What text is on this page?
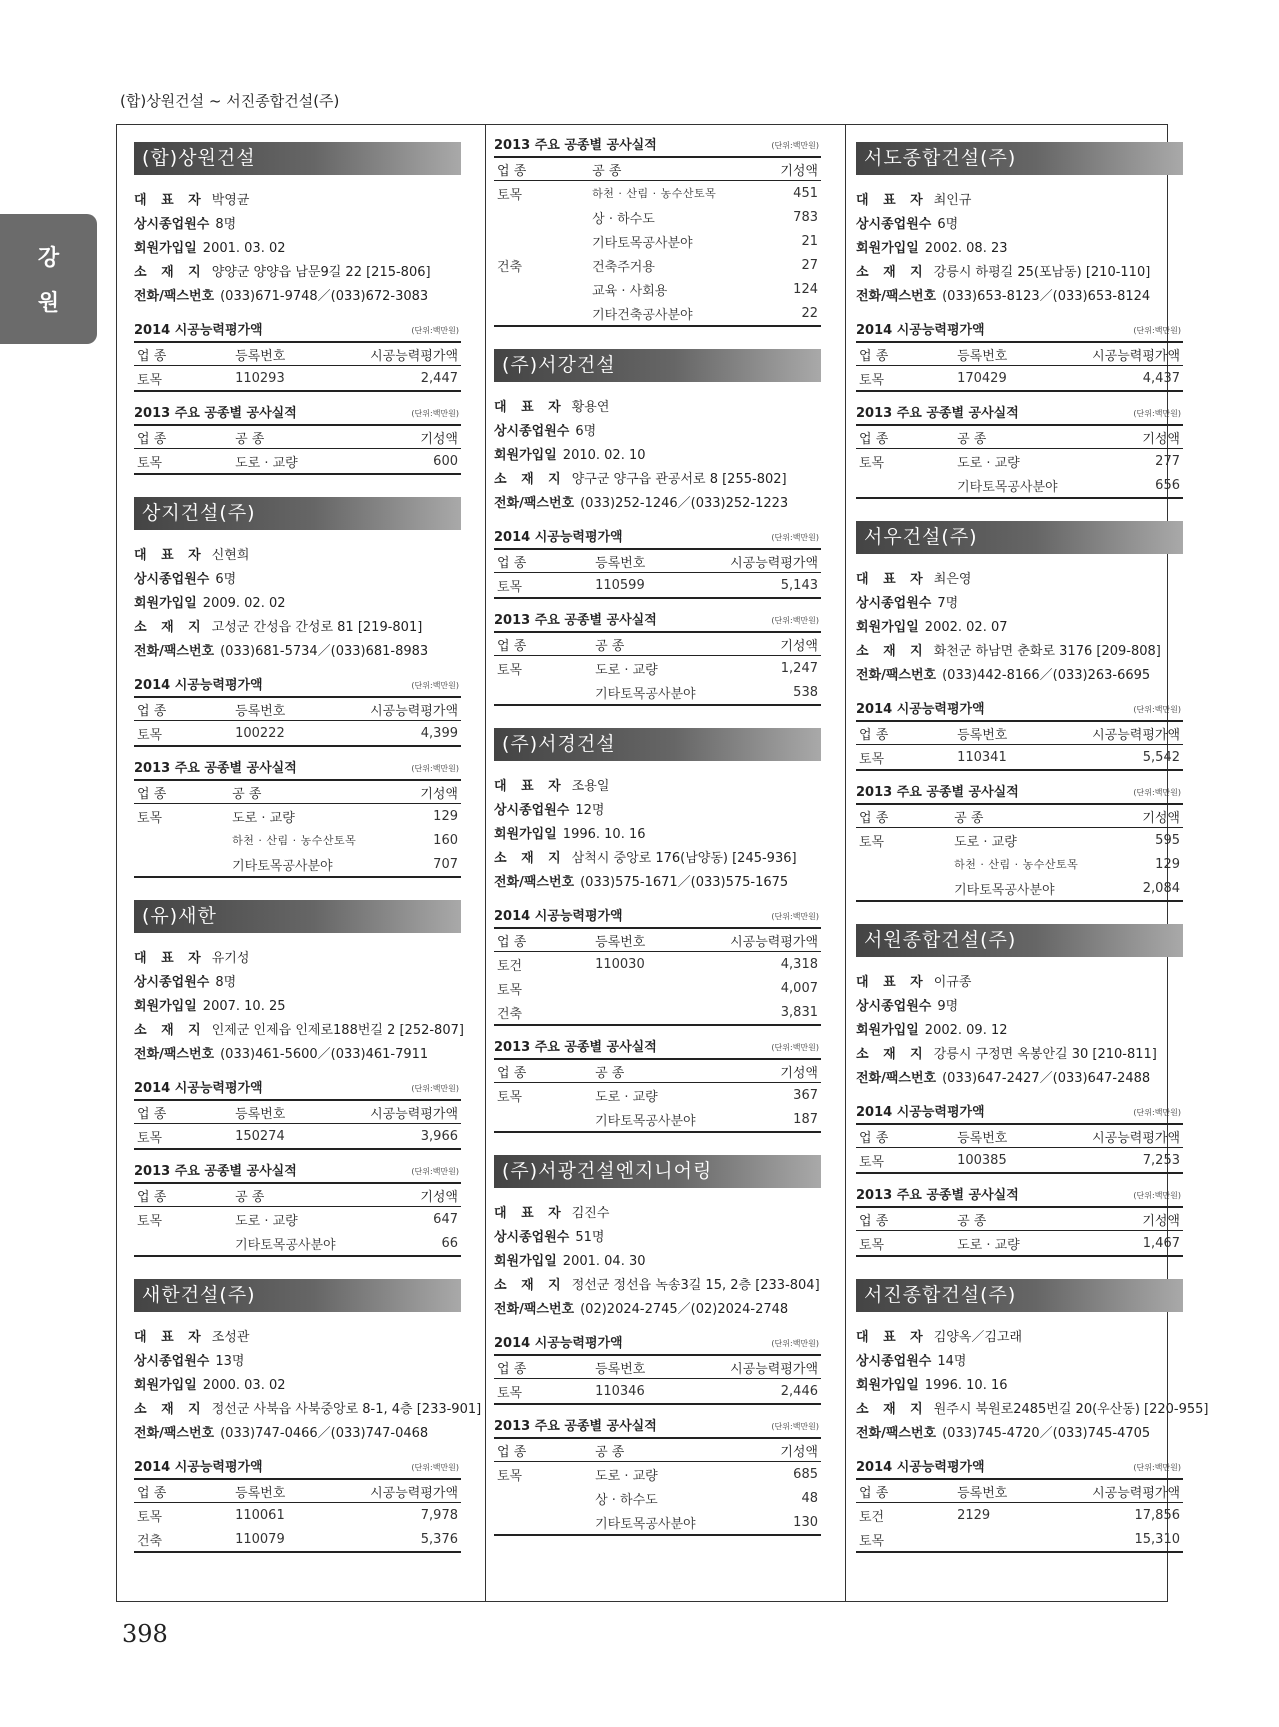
(합)상원건설 ~ 서진종합건설(주)
강
원
(합)상원건설
대 표 자 박영균
상시종업원수 8명
회원가입일 2001. 03. 02
소 재 지 양양군 양양읍 남문9길 22 [215-806]
전화/팩스번호 (033)671-9748／(033)672-3083
2014 시공능력평가액	(단위:백만원)
업 종	등록번호	시공능력평가액
토목	110293	2,447
2013 주요 공종별 공사실적	(단위:백만원)
업 종	공 종	기성액
토목	도로 · 교량	600
상지건설(주)
대 표 자 신현희
상시종업원수 6명
회원가입일 2009. 02. 02
소 재 지 고성군 간성읍 간성로 81 [219-801]
전화/팩스번호 (033)681-5734／(033)681-8983
2014 시공능력평가액	(단위:백만원)
업 종	등록번호	시공능력평가액
토목	100222	4,399
2013 주요 공종별 공사실적	(단위:백만원)
업 종	공 종	기성액
토목	도로 · 교량	129
	하천 · 산림 · 농수산토목	160
	기타토목공사분야	707
(유)새한
대 표 자 유기성
상시종업원수 8명
회원가입일 2007. 10. 25
소 재 지 인제군 인제읍 인제로188번길 2 [252-807]
전화/팩스번호 (033)461-5600／(033)461-7911
2014 시공능력평가액	(단위:백만원)
업 종	등록번호	시공능력평가액
토목	150274	3,966
2013 주요 공종별 공사실적	(단위:백만원)
업 종	공 종	기성액
토목	도로 · 교량	647
	기타토목공사분야	66
새한건설(주)
대 표 자 조성관
상시종업원수 13명
회원가입일 2000. 03. 02
소 재 지 정선군 사북읍 사북중앙로 8-1, 4층 [233-901]
전화/팩스번호 (033)747-0466／(033)747-0468
2014 시공능력평가액	(단위:백만원)
업 종	등록번호	시공능력평가액
토목	110061	7,978
건축	110079	5,376
2013 주요 공종별 공사실적	(단위:백만원)
업 종	공 종	기성액
토목	하천 · 산림 · 농수산토목	451
	상 · 하수도	783
	기타토목공사분야	21
건축	건축주거용	27
	교육 · 사회용	124
	기타건축공사분야	22
(주)서강건설
대 표 자 황용연
상시종업원수 6명
회원가입일 2010. 02. 10
소 재 지 양구군 양구읍 관공서로 8 [255-802]
전화/팩스번호 (033)252-1246／(033)252-1223
2014 시공능력평가액	(단위:백만원)
업 종	등록번호	시공능력평가액
토목	110599	5,143
2013 주요 공종별 공사실적	(단위:백만원)
업 종	공 종	기성액
토목	도로 · 교량	1,247
	기타토목공사분야	538
(주)서경건설
대 표 자 조용일
상시종업원수 12명
회원가입일 1996. 10. 16
소 재 지 삼척시 중앙로 176(남양동) [245-936]
전화/팩스번호 (033)575-1671／(033)575-1675
2014 시공능력평가액	(단위:백만원)
업 종	등록번호	시공능력평가액
토건	110030	4,318
토목		4,007
건축		3,831
2013 주요 공종별 공사실적	(단위:백만원)
업 종	공 종	기성액
토목	도로 · 교량	367
	기타토목공사분야	187
(주)서광건설엔지니어링
대 표 자 김진수
상시종업원수 51명
회원가입일 2001. 04. 30
소 재 지 정선군 정선읍 녹송3길 15, 2층 [233-804]
전화/팩스번호 (02)2024-2745／(02)2024-2748
2014 시공능력평가액	(단위:백만원)
업 종	등록번호	시공능력평가액
토목	110346	2,446
2013 주요 공종별 공사실적	(단위:백만원)
업 종	공 종	기성액
토목	도로 · 교량	685
	상 · 하수도	48
	기타토목공사분야	130
서도종합건설(주)
대 표 자 최인규
상시종업원수 6명
회원가입일 2002. 08. 23
소 재 지 강릉시 하평길 25(포남동) [210-110]
전화/팩스번호 (033)653-8123／(033)653-8124
2014 시공능력평가액	(단위:백만원)
업 종	등록번호	시공능력평가액
토목	170429	4,437
2013 주요 공종별 공사실적	(단위:백만원)
업 종	공 종	기성액
토목	도로 · 교량	277
	기타토목공사분야	656
서우건설(주)
대 표 자 최은영
상시종업원수 7명
회원가입일 2002. 02. 07
소 재 지 화천군 하남면 춘화로 3176 [209-808]
전화/팩스번호 (033)442-8166／(033)263-6695
2014 시공능력평가액	(단위:백만원)
업 종	등록번호	시공능력평가액
토목	110341	5,542
2013 주요 공종별 공사실적	(단위:백만원)
업 종	공 종	기성액
토목	도로 · 교량	595
	하천 · 산림 · 농수산토목	129
	기타토목공사분야	2,084
서원종합건설(주)
대 표 자 이규종
상시종업원수 9명
회원가입일 2002. 09. 12
소 재 지 강릉시 구정면 옥봉안길 30 [210-811]
전화/팩스번호 (033)647-2427／(033)647-2488
2014 시공능력평가액	(단위:백만원)
업 종	등록번호	시공능력평가액
토목	100385	7,253
2013 주요 공종별 공사실적	(단위:백만원)
업 종	공 종	기성액
토목	도로 · 교량	1,467
서진종합건설(주)
대 표 자 김양옥／김고래
상시종업원수 14명
회원가입일 1996. 10. 16
소 재 지 원주시 북원로2485번길 20(우산동) [220-955]
전화/팩스번호 (033)745-4720／(033)745-4705
2014 시공능력평가액	(단위:백만원)
업 종	등록번호	시공능력평가액
토건	2129	17,856
토목		15,310
398
